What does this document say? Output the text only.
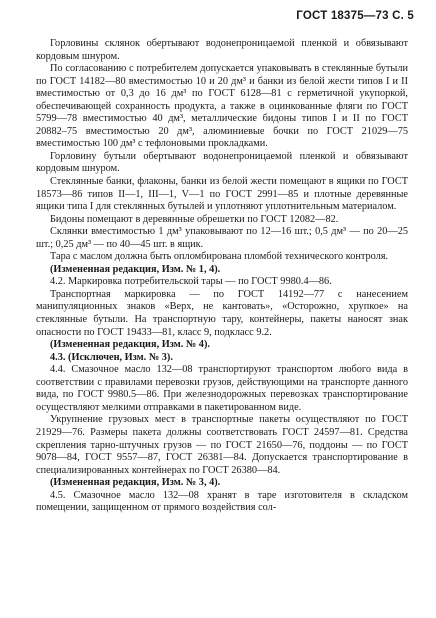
ГОСТ 18375—73 С. 5

Горловины склянок обертывают водонепроницаемой пленкой и обвязывают кордовым шнуром.

По согласованию с потребителем допускается упаковывать в стеклянные бутыли по ГОСТ 14182—80 вместимостью 10 и 20 дм³ и банки из белой жести типов I и II вместимостью от 0,3 до 16 дм³ по ГОСТ 6128—81 с герметичной укупоркой, обеспечивающей сохранность продукта, а также в оцинкованные фляги по ГОСТ 5799—78 вместимостью 40 дм³, металлические бидоны типов I и II по ГОСТ 20882–75 вместимостью 20 дм³, алюминиевые бочки по ГОСТ 21029—75 вместимостью 100 дм³ с тефлоновыми прокладками.

Горловину бутыли обертывают водонепроницаемой пленкой и обвязывают кордовым шнуром.

Стеклянные банки, флаконы, банки из белой жести помещают в ящики по ГОСТ 18573—86 типов II—1, III—1, V—1 по ГОСТ 2991—85 и плотные деревянные ящики типа I для стеклянных бутылей и уплотняют уплотнительным материалом.

Бидоны помещают в деревянные обрешетки по ГОСТ 12082—82.

Склянки вместимостью 1 дм³ упаковывают по 12—16 шт.; 0,5 дм³ — по 20—25 шт.; 0,25 дм³ — по 40—45 шт. в ящик.

Тара с маслом должна быть опломбирована пломбой технического контроля.

(Измененная редакция, Изм. № 1, 4).

4.2. Маркировка потребительской тары — по ГОСТ 9980.4—86.

Транспортная маркировка — по ГОСТ 14192—77 с нанесением манипуляционных знаков «Верх, не кантовать», «Осторожно, хрупкое» на стеклянные бутыли. На транспортную тару, контейнеры, пакеты наносят знак опасности по ГОСТ 19433—81, класс 9, подкласс 9.2.

(Измененная редакция, Изм. № 4).

4.3. (Исключен, Изм. № 3).

4.4. Смазочное масло 132—08 транспортируют транспортом любого вида в соответствии с правилами перевозки грузов, действующими на транспорте данного вида, по ГОСТ 9980.5—86. При железнодорожных перевозках транспортирование осуществляют мелкими отправками в пакетированном виде.

Укрупнение грузовых мест в транспортные пакеты осуществляют по ГОСТ 21929—76. Размеры пакета должны соответствовать ГОСТ 24597—81. Средства скрепления тарно-штучных грузов — по ГОСТ 21650—76, поддоны — по ГОСТ 9078—84, ГОСТ 9557—87, ГОСТ 26381—84. Допускается транспортирование в специализированных контейнерах по ГОСТ 26380—84.

(Измененная редакция, Изм. № 3, 4).

4.5. Смазочное масло 132—08 хранят в таре изготовителя в складском помещении, защищенном от прямого воздействия сол-
